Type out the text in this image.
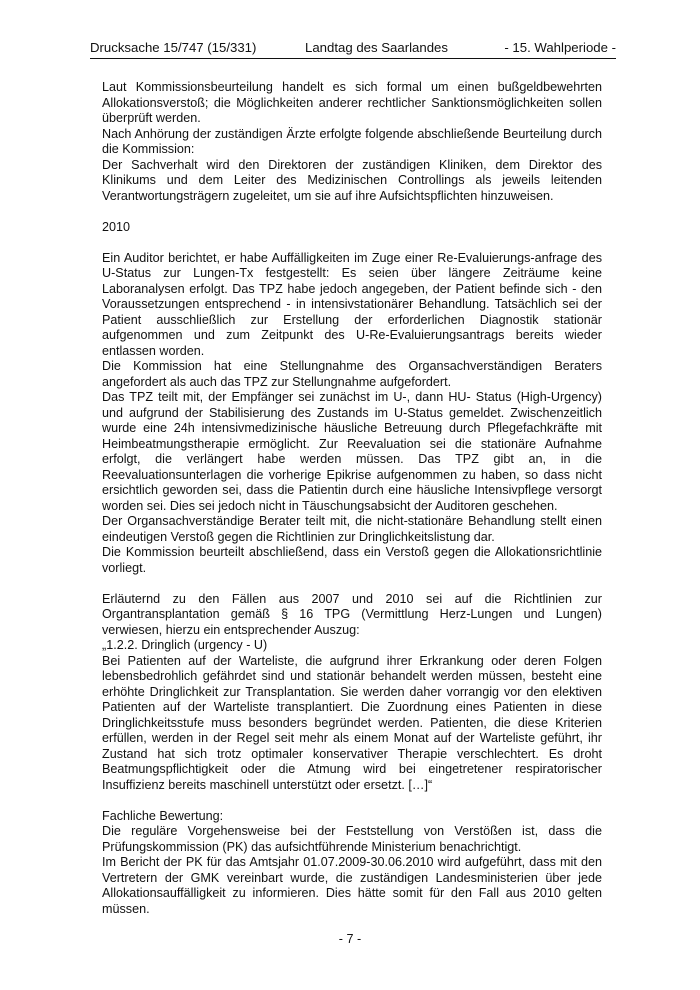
Drucksache 15/747 (15/331)	Landtag des Saarlandes	- 15. Wahlperiode -

Laut Kommissionsbeurteilung handelt es sich formal um einen bußgeldbewehrten Allokationsverstoß; die Möglichkeiten anderer rechtlicher Sanktionsmöglichkeiten sollen überprüft werden.

Nach Anhörung der zuständigen Ärzte erfolgte folgende abschließende Beurteilung durch die Kommission:

Der Sachverhalt wird den Direktoren der zuständigen Kliniken, dem Direktor des Klinikums und dem Leiter des Medizinischen Controllings als jeweils leitenden Verantwortungsträgern zugeleitet, um sie auf ihre Aufsichtspflichten hinzuweisen.

2010

Ein Auditor berichtet, er habe Auffälligkeiten im Zuge einer Re-Evaluierungs-anfrage des U-Status zur Lungen-Tx festgestellt: Es seien über längere Zeiträume keine Laboranalysen erfolgt. Das TPZ habe jedoch angegeben, der Patient befinde sich - den Voraussetzungen entsprechend - in intensivstationärer Behandlung. Tatsächlich sei der Patient ausschließlich zur Erstellung der erforderlichen Diagnostik stationär aufgenommen und zum Zeitpunkt des U-Re-Evaluierungsantrags bereits wieder entlassen worden.

Die Kommission hat eine Stellungnahme des Organsachverständigen Beraters angefordert als auch das TPZ zur Stellungnahme aufgefordert.

Das TPZ teilt mit, der Empfänger sei zunächst im U-, dann HU- Status (High-Urgency) und aufgrund der Stabilisierung des Zustands im U-Status gemeldet. Zwischenzeitlich wurde eine 24h intensivmedizinische häusliche Betreuung durch Pflegefachkräfte mit Heimbeatmungstherapie ermöglicht. Zur Reevaluation sei die stationäre Aufnahme erfolgt, die verlängert habe werden müssen. Das TPZ gibt an, in die Reevaluationsunterlagen die vorherige Epikrise aufgenommen zu haben, so dass nicht ersichtlich geworden sei, dass die Patientin durch eine häusliche Intensivpflege versorgt worden sei. Dies sei jedoch nicht in Täuschungsabsicht der Auditoren geschehen.

Der Organsachverständige Berater teilt mit, die nicht-stationäre Behandlung stellt einen eindeutigen Verstoß gegen die Richtlinien zur Dringlichkeitslistung dar.

Die Kommission beurteilt abschließend, dass ein Verstoß gegen die Allokationsrichtlinie vorliegt.

Erläuternd zu den Fällen aus 2007 und 2010 sei auf die Richtlinien zur Organtransplantation gemäß § 16 TPG (Vermittlung Herz-Lungen und Lungen) verwiesen, hierzu ein entsprechender Auszug:

„1.2.2. Dringlich (urgency - U)

Bei Patienten auf der Warteliste, die aufgrund ihrer Erkrankung oder deren Folgen lebensbedrohlich gefährdet sind und stationär behandelt werden müssen, besteht eine erhöhte Dringlichkeit zur Transplantation. Sie werden daher vorrangig vor den elektiven Patienten auf der Warteliste transplantiert. Die Zuordnung eines Patienten in diese Dringlichkeitsstufe muss besonders begründet werden. Patienten, die diese Kriterien erfüllen, werden in der Regel seit mehr als einem Monat auf der Warteliste geführt, ihr Zustand hat sich trotz optimaler konservativer Therapie verschlechtert. Es droht Beatmungspflichtigkeit oder die Atmung wird bei eingetretener respiratorischer Insuffizienz bereits maschinell unterstützt oder ersetzt. […]“

Fachliche Bewertung:

Die reguläre Vorgehensweise bei der Feststellung von Verstößen ist, dass die Prüfungskommission (PK) das aufsichtführende Ministerium benachrichtigt.

Im Bericht der PK für das Amtsjahr 01.07.2009-30.06.2010 wird aufgeführt, dass mit den Vertretern der GMK vereinbart wurde, die zuständigen Landesministerien über jede Allokationsauffälligkeit zu informieren. Dies hätte somit für den Fall aus 2010 gelten müssen.

- 7 -
